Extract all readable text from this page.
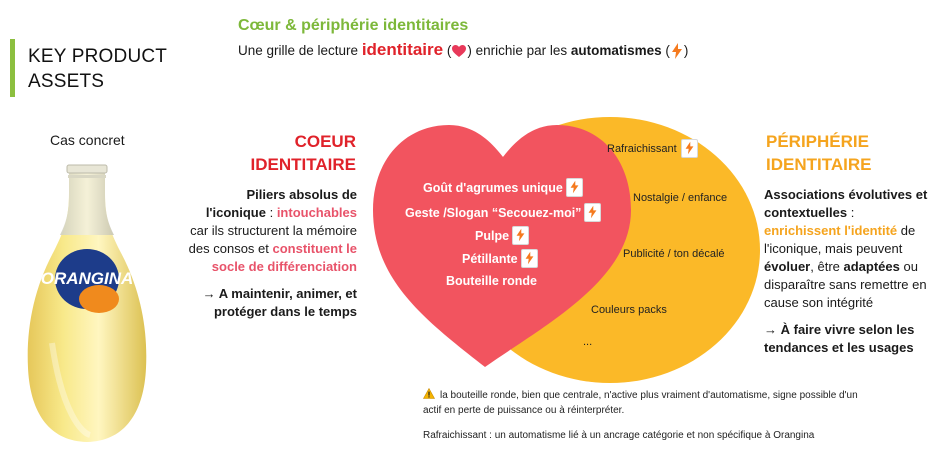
KEY PRODUCT
ASSETS
Cas concret
ORANGINA
Cœur & périphérie identitaires
Une grille de lecture identitaire ( ) enrichie par les automatismes ( )
COEUR
IDENTITAIRE
Piliers absolus de l'iconique : intouchables car ils structurent la mémoire des consos et constituent le socle de différenciation
→ A maintenir, animer, et protéger dans le temps
PÉRIPHÉRIE
IDENTITAIRE
Associations évolutives et contextuelles : enrichissent l'identité de l'iconique, mais peuvent évoluer, être adaptées ou disparaître sans remettre en cause son intégrité
→ À faire vivre selon les tendances et les usages
Goût d'agrumes unique
Geste /Slogan “Secouez-moi”
Pulpe
Pétillante
Bouteille ronde
Rafraichissant
Nostalgie / enfance
Publicité / ton décalé
Couleurs packs
...
la bouteille ronde, bien que centrale, n'active plus vraiment d'automatisme, signe possible d'un actif en perte de puissance ou à réinterpréter.
Rafraichissant : un automatisme lié à un ancrage catégorie et non spécifique à Orangina
